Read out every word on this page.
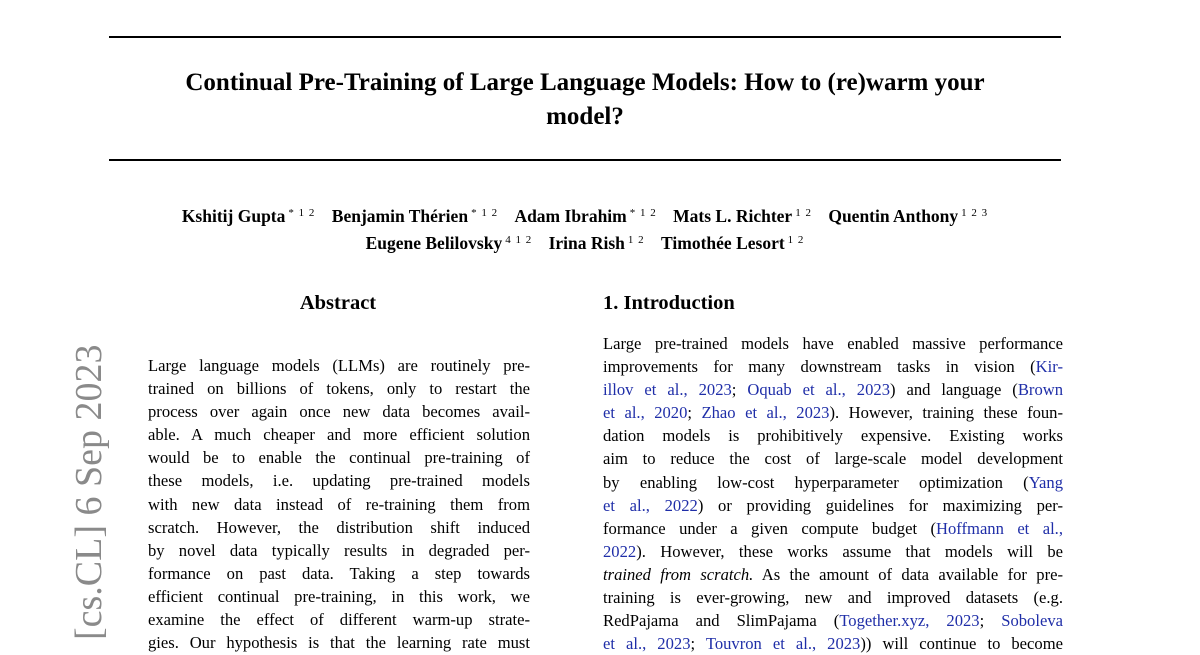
Continual Pre-Training of Large Language Models: How to (re)warm your
model?
Kshitij Gupta $^{* 1 2}$ Benjamin Thérien $^{* 1 2}$ Adam Ibrahim $^{* 1 2}$ Mats L. Richter $^{1 2}$ Quentin Anthony $^{1 2 3}$
Eugene Belilovsky $^{4 1 2}$ Irina Rish $^{1 2}$ Timothée Lesort $^{1 2}$
[cs.CL] 6 Sep 2023
Abstract
Large language models (LLMs) are routinely pre-
trained on billions of tokens, only to restart the
process over again once new data becomes avail-
able. A much cheaper and more efficient solution
would be to enable the continual pre-training of
these models, i.e. updating pre-trained models
with new data instead of re-training them from
scratch. However, the distribution shift induced
by novel data typically results in degraded per-
formance on past data. Taking a step towards
efficient continual pre-training, in this work, we
examine the effect of different warm-up strate-
gies. Our hypothesis is that the learning rate must
1. Introduction
Large pre-trained models have enabled massive performance
improvements for many downstream tasks in vision (Kir-
illov et al., 2023; Oquab et al., 2023) and language (Brown
et al., 2020; Zhao et al., 2023). However, training these foun-
dation models is prohibitively expensive. Existing works
aim to reduce the cost of large-scale model development
by enabling low-cost hyperparameter optimization (Yang
et al., 2022) or providing guidelines for maximizing per-
formance under a given compute budget (Hoffmann et al.,
2022). However, these works assume that models will be
trained from scratch. As the amount of data available for pre-
training is ever-growing, new and improved datasets (e.g.
RedPajama and SlimPajama (Together.xyz, 2023; Soboleva
et al., 2023; Touvron et al., 2023)) will continue to become
